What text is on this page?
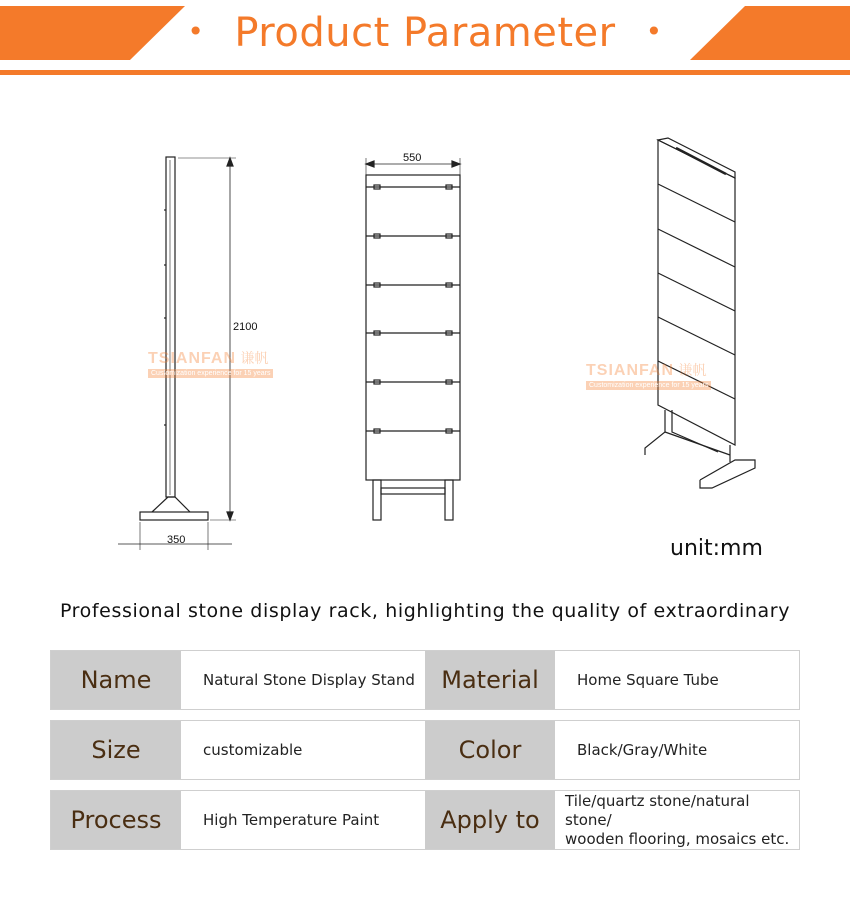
• Product Parameter •
2100
350
550
TSIANFAN 谦帆
Customization experience for 15 years	TSIANFAN 谦帆
Customization experience for 15 years
unit:mm
Professional stone display rack, highlighting the quality of extraordinary
Name	Natural Stone Display Stand	Material	Home Square Tube
Size	customizable	Color	Black/Gray/White
Process	High Temperature Paint	Apply to	Tile/quartz stone/natural stone/
wooden flooring, mosaics etc.
